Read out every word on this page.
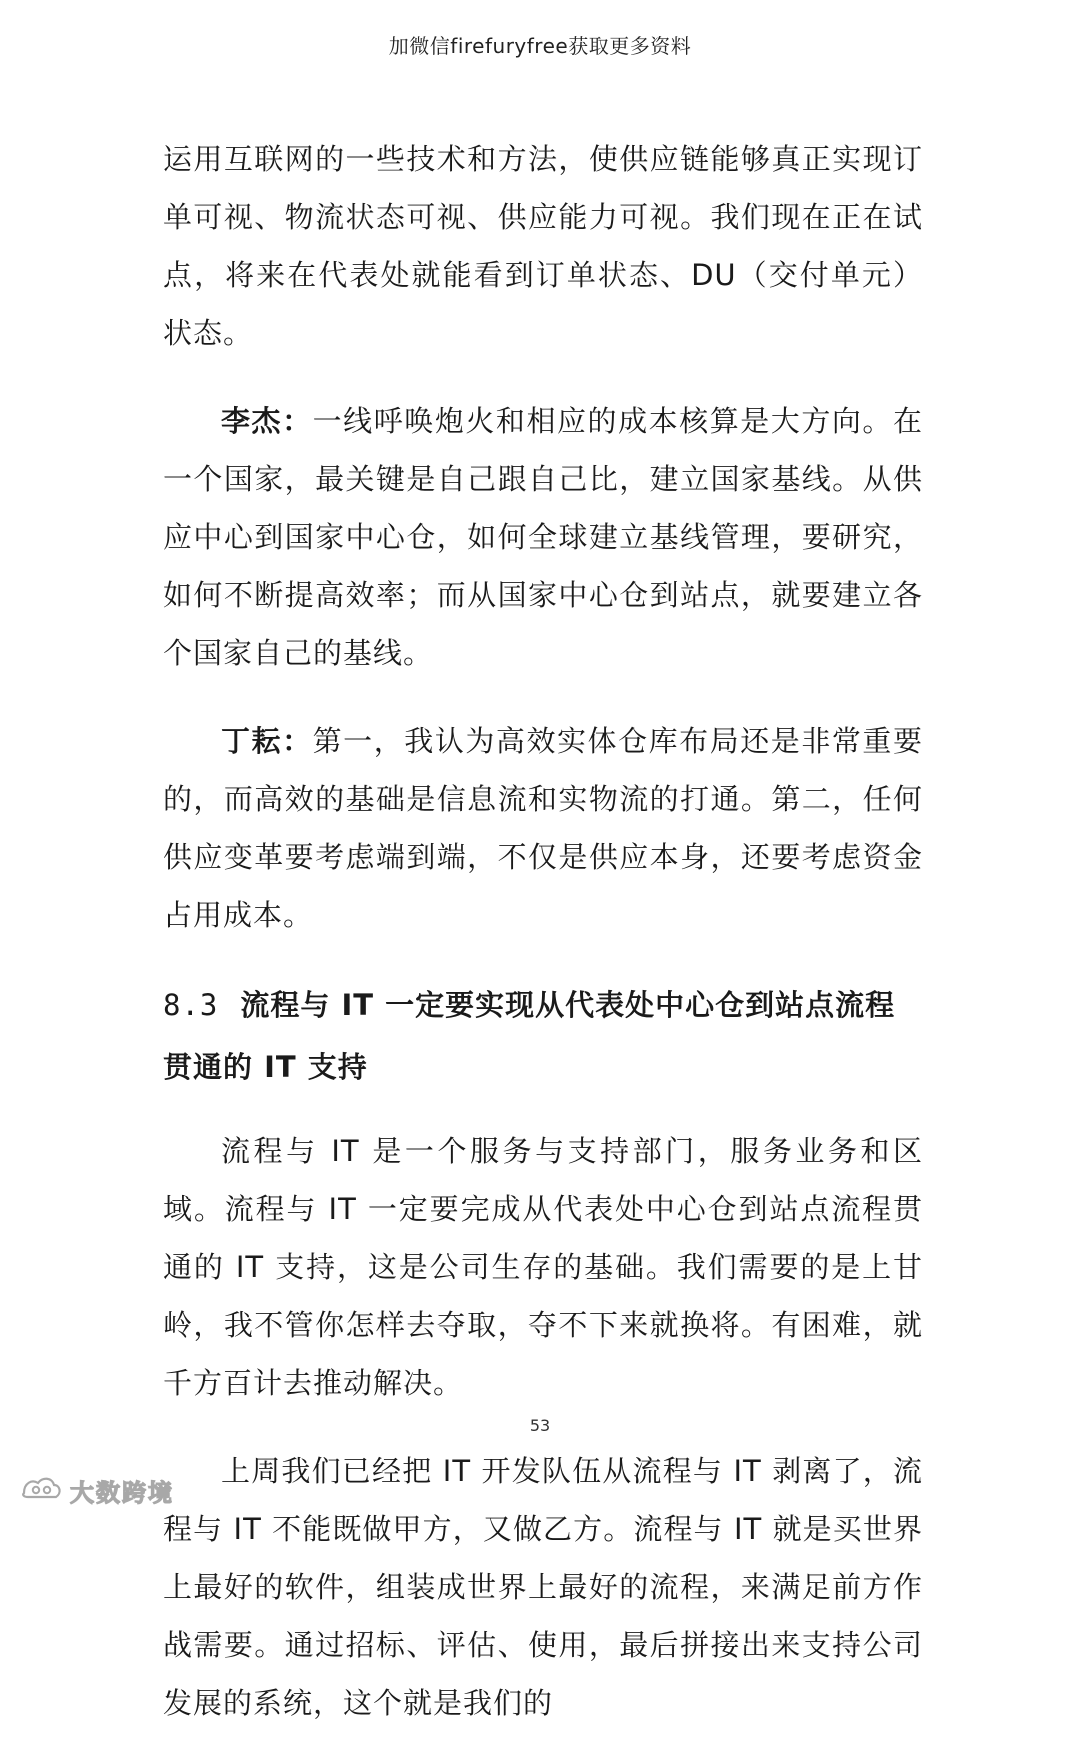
加微信firefuryfree获取更多资料

运用互联网的一些技术和方法，使供应链能够真正实现订单可视、物流状态可视、供应能力可视。我们现在正在试点，将来在代表处就能看到订单状态、DU（交付单元）状态。

李杰：一线呼唤炮火和相应的成本核算是大方向。在一个国家，最关键是自己跟自己比，建立国家基线。从供应中心到国家中心仓，如何全球建立基线管理，要研究，如何不断提高效率；而从国家中心仓到站点，就要建立各个国家自己的基线。

丁耘：第一，我认为高效实体仓库布局还是非常重要的，而高效的基础是信息流和实物流的打通。第二，任何供应变革要考虑端到端，不仅是供应本身，还要考虑资金占用成本。

8.3 流程与 IT 一定要实现从代表处中心仓到站点流程贯通的 IT 支持

流程与 IT 是一个服务与支持部门，服务业务和区域。流程与 IT 一定要完成从代表处中心仓到站点流程贯通的 IT 支持，这是公司生存的基础。我们需要的是上甘岭，我不管你怎样去夺取，夺不下来就换将。有困难，就千方百计去推动解决。

上周我们已经把 IT 开发队伍从流程与 IT 剥离了，流程与 IT 不能既做甲方，又做乙方。流程与 IT 就是买世界上最好的软件，组装成世界上最好的流程，来满足前方作战需要。通过招标、评估、使用，最后拼接出来支持公司发展的系统，这个就是我们的

53
大数跨境
